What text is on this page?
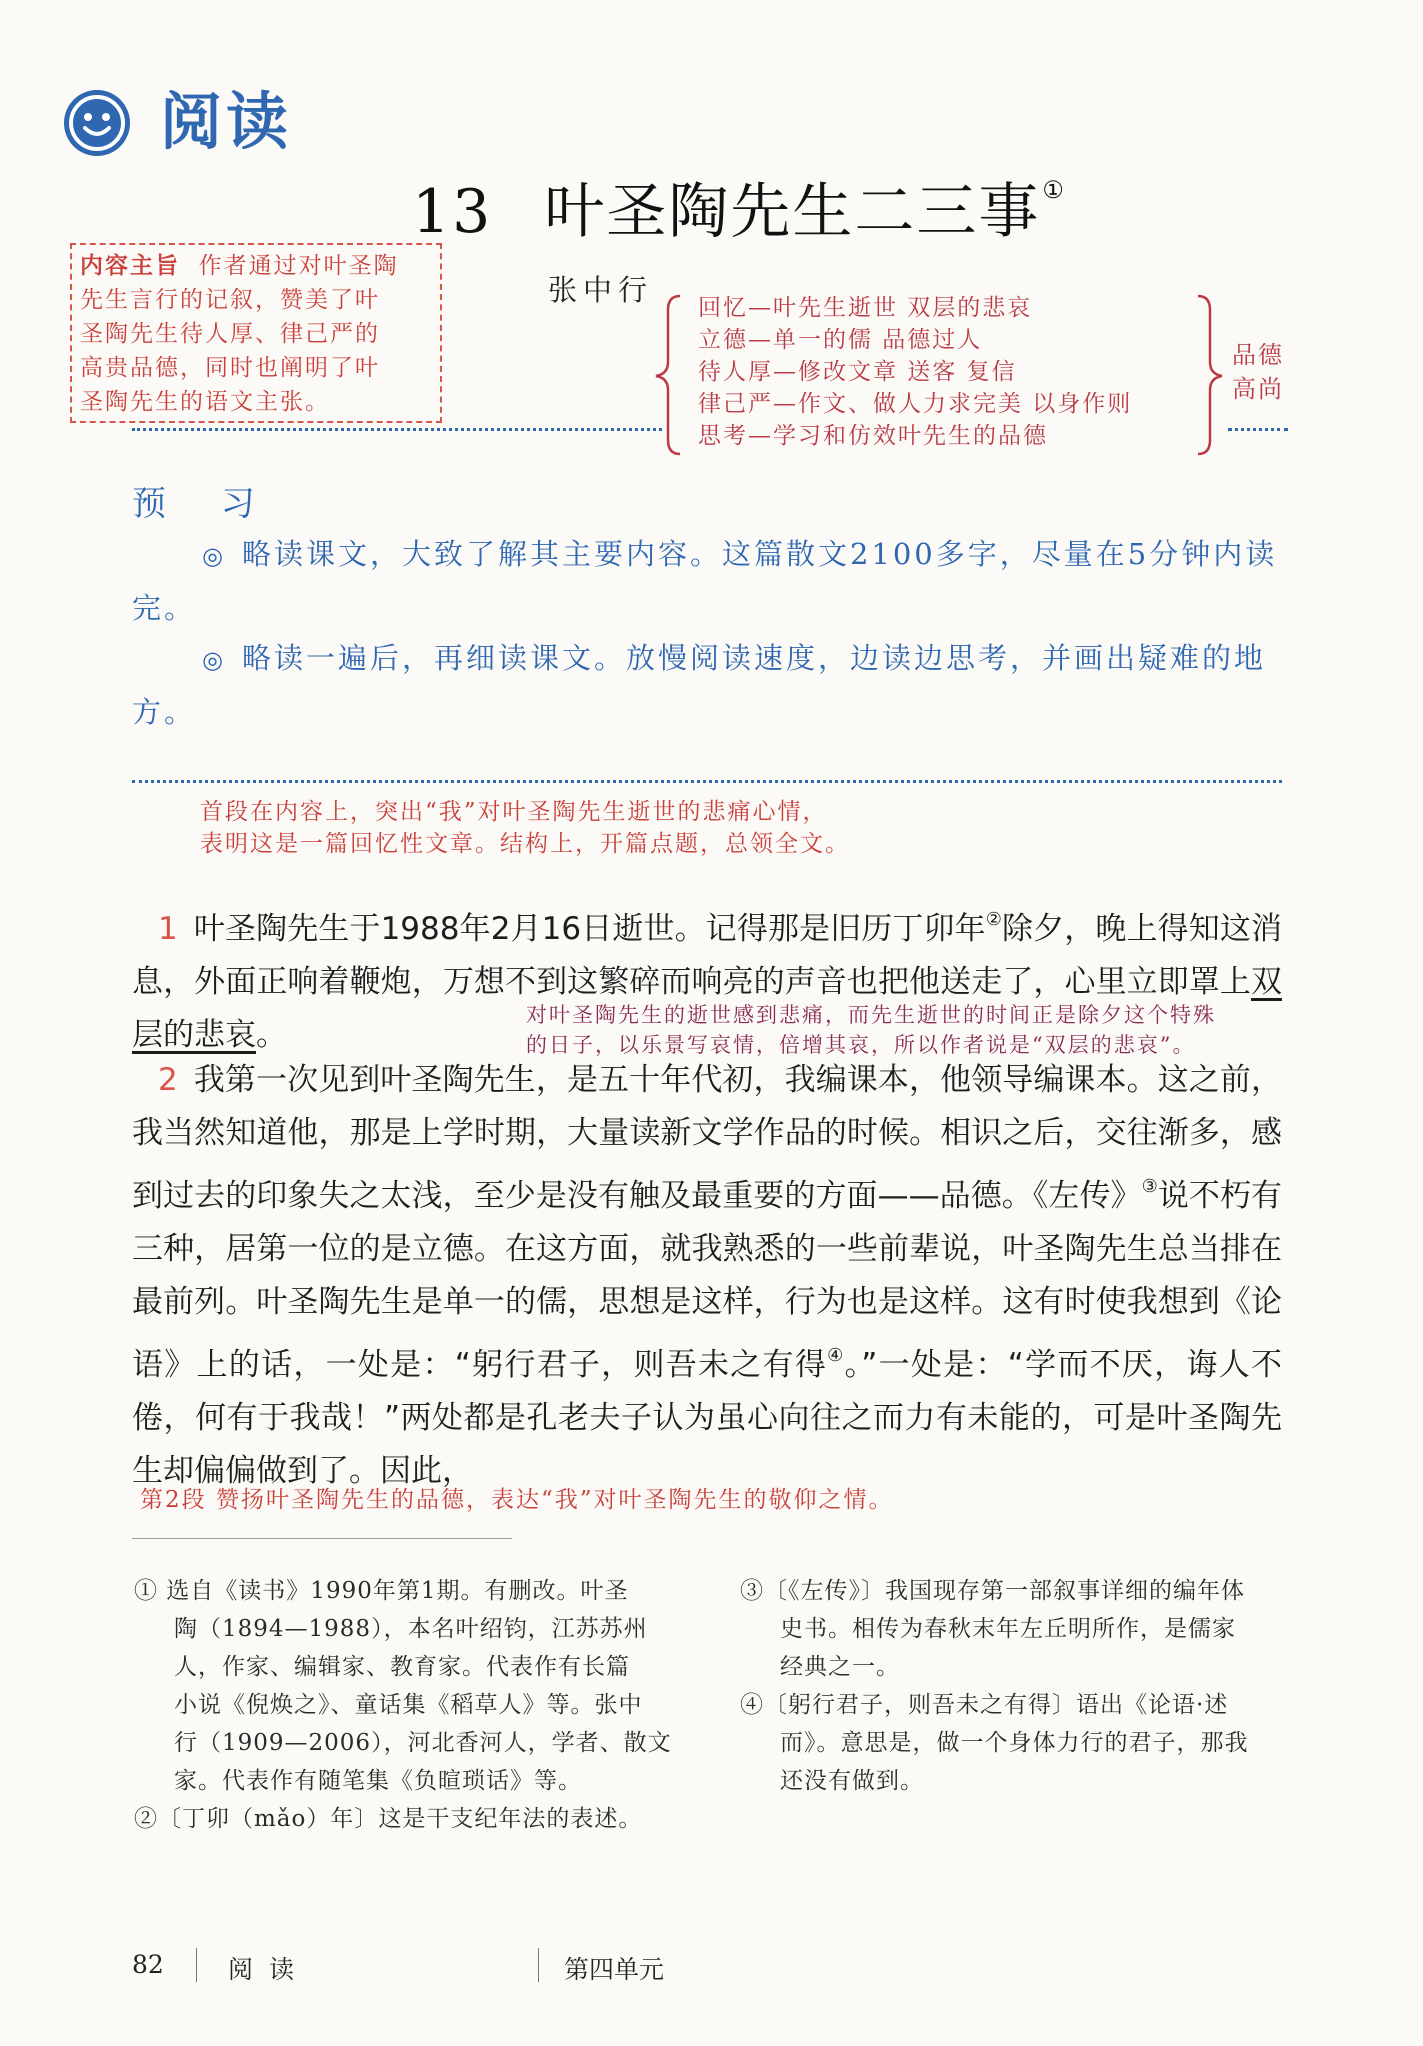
阅读
13 叶圣陶先生二三事①

内容主旨 作者通过对叶圣陶

先生言行的记叙，赞美了叶

圣陶先生待人厚、律己严的

高贵品德，同时也阐明了叶

圣陶先生的语文主张。

张中行
回忆—叶先生逝世 双层的悲哀
立德—单一的儒 品德过人
待人厚—修改文章 送客 复信
律己严—作文、做人力求完美 以身作则
思考—学习和仿效叶先生的品德
品德
高尚
预 习
◎ 略读课文，大致了解其主要内容。这篇散文2100多字，尽量在5分钟内读完。
◎ 略读一遍后，再细读课文。放慢阅读速度，边读边思考，并画出疑难的地方。
首段在内容上，突出“我”对叶圣陶先生逝世的悲痛心情，
表明这是一篇回忆性文章。结构上，开篇点题，总领全文。

1 叶圣陶先生于1988年2月16日逝世。记得那是旧历丁卯年②除夕，晚上得知这消息，外面正响着鞭炮，万想不到这繁碎而响亮的声音也把他送走了，心里立即罩上双层的悲哀。

对叶圣陶先生的逝世感到悲痛，而先生逝世的时间正是除夕这个特殊
的日子，以乐景写哀情，倍增其哀，所以作者说是“双层的悲哀”。

2 我第一次见到叶圣陶先生，是五十年代初，我编课本，他领导编课本。这之前，我当然知道他，那是上学时期，大量读新文学作品的时候。相识之后，交往渐多，感到过去的印象失之太浅，至少是没有触及最重要的方面——品德。《左传》③说不朽有三种，居第一位的是立德。在这方面，就我熟悉的一些前辈说，叶圣陶先生总当排在最前列。叶圣陶先生是单一的儒，思想是这样，行为也是这样。这有时使我想到《论语》上的话，一处是：“躬行君子，则吾未之有得④。”一处是：“学而不厌，诲人不倦，何有于我哉！”两处都是孔老夫子认为虽心向往之而力有未能的，可是叶圣陶先生却偏偏做到了。因此，

第2段 赞扬叶圣陶先生的品德，表达“我”对叶圣陶先生的敬仰之情。
① 选自《读书》1990年第1期。有删改。叶圣
陶（1894—1988），本名叶绍钧，江苏苏州
人，作家、编辑家、教育家。代表作有长篇
小说《倪焕之》、童话集《稻草人》等。张中
行（1909—2006），河北香河人，学者、散文
家。代表作有随笔集《负暄琐话》等。
②〔丁卯（mǎo）年〕这是干支纪年法的表述。
③〔《左传》〕我国现存第一部叙事详细的编年体
史书。相传为春秋末年左丘明所作，是儒家
经典之一。
④〔躬行君子，则吾未之有得〕语出《论语·述
而》。意思是，做一个身体力行的君子，那我
还没有做到。
82	阅 读	第四单元
